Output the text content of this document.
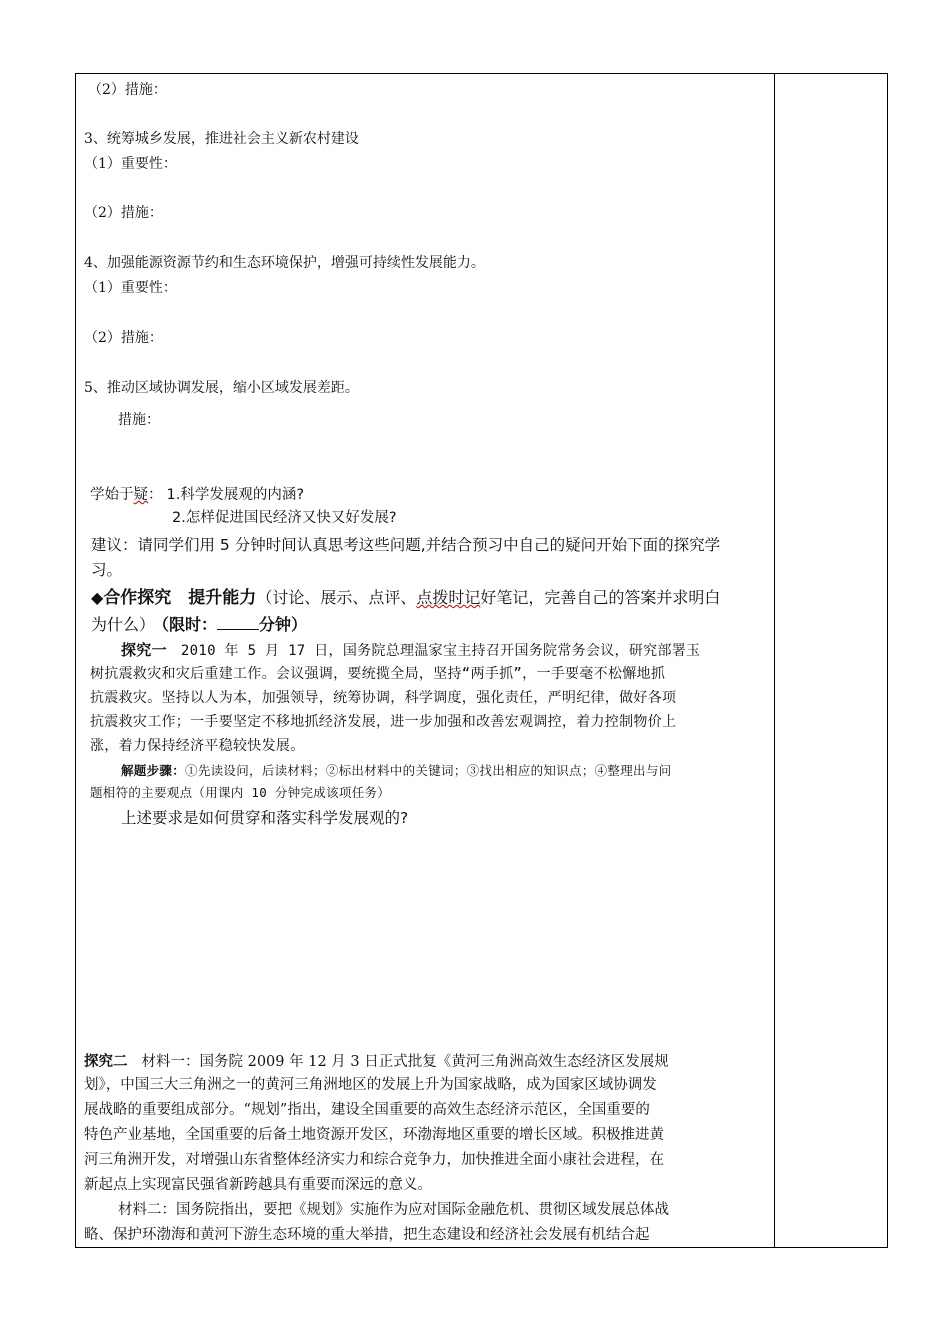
（2）措施：
3、统筹城乡发展，推进社会主义新农村建设
（1）重要性：
（2）措施：
4、加强能源资源节约和生态环境保护，增强可持续性发展能力。
（1）重要性：
（2）措施：
5、推动区域协调发展，缩小区域发展差距。
措施：
学始于疑： 1.科学发展观的内涵?
2.怎样促进国民经济又快又好发展?
建议：请同学们用 5 分钟时间认真思考这些问题,并结合预习中自己的疑问开始下面的探究学
习。
◆合作探究　提升能力（讨论、展示、点评、点拨时记好笔记，完善自己的答案并求明白
为什么） （限时：	分钟）
探究一 2010 年 5 月 17 日，国务院总理温家宝主持召开国务院常务会议，研究部署玉
树抗震救灾和灾后重建工作。会议强调，要统揽全局，坚持“两手抓”，一手要毫不松懈地抓
抗震救灾。坚持以人为本，加强领导，统筹协调，科学调度，强化责任，严明纪律，做好各项
抗震救灾工作；一手要坚定不移地抓经济发展，进一步加强和改善宏观调控，着力控制物价上
涨，着力保持经济平稳较快发展。
解题步骤：①先读设问，后读材料；②标出材料中的关键词；③找出相应的知识点；④整理出与问
题相符的主要观点（用课内 10 分钟完成该项任务）
上述要求是如何贯穿和落实科学发展观的?
探究二 材料一：国务院 2009 年 12 月 3 日正式批复《黄河三角洲高效生态经济区发展规
划》，中国三大三角洲之一的黄河三角洲地区的发展上升为国家战略，成为国家区域协调发
展战略的重要组成部分。“规划”指出，建设全国重要的高效生态经济示范区，全国重要的
特色产业基地，全国重要的后备土地资源开发区，环渤海地区重要的增长区域。积极推进黄
河三角洲开发，对增强山东省整体经济实力和综合竞争力，加快推进全面小康社会进程，在
新起点上实现富民强省新跨越具有重要而深远的意义。
材料二：国务院指出，要把《规划》实施作为应对国际金融危机、贯彻区域发展总体战
略、保护环渤海和黄河下游生态环境的重大举措，把生态建设和经济社会发展有机结合起
